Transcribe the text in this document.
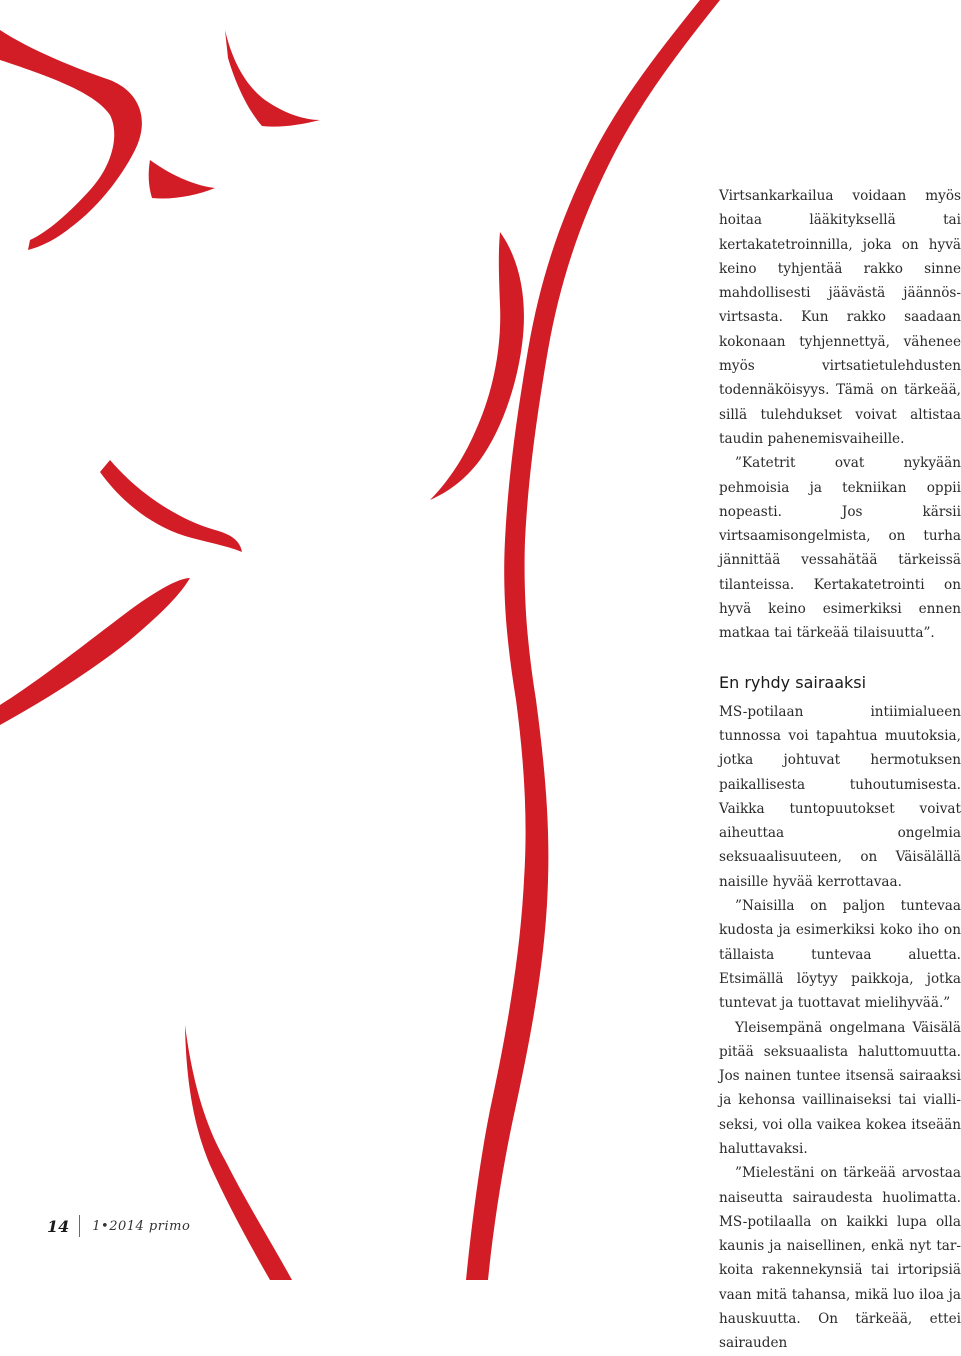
Virtsankarkailua voidaan myös hoitaa lääkityksellä tai kertakatetroinnilla, joka on hyvä keino tyhjentää rakko sinne mahdollisesti jäävästä jäännösvirtsasta. Kun rakko saadaan kokonaan tyhjennettyä, vähenee myös virtsatietulehdusten todennäköisyys. Tämä on tärkeää, sillä tulehdukset voivat altistaa taudin pahenemisvaiheille.

”Katetrit ovat nykyään pehmoisia ja tekniikan oppii nopeasti. Jos kärsii virtsaamisongelmista, on turha jännittää vessahätää tärkeissä tilanteissa. Kertakatetrointi on hyvä keino esimerkiksi ennen matkaa tai tärkeää tilaisuutta”.

En ryhdy sairaaksi

MS-potilaan intiimialueen tunnossa voi tapahtua muutoksia, jotka johtuvat hermotuksen paikallisesta tuhoutumisesta. Vaikka tuntopuutokset voivat aiheuttaa ongelmia seksuaalisuuteen, on Väisälällä naisille hyvää kerrottavaa.

”Naisilla on paljon tuntevaa kudosta ja esimerkiksi koko iho on tällaista tuntevaa aluetta. Etsimällä löytyy paikkoja, jotka tuntevat ja tuottavat mielihyvää.”

Yleisempänä ongelmana Väisälä pitää seksuaalista haluttomuutta. Jos nainen tuntee itsensä sairaaksi ja kehonsa vaillinaiseksi tai vialliseksi, voi olla vaikea kokea itseään haluttavaksi.

”Mielestäni on tärkeää arvostaa naiseutta sairaudesta huolimatta. MS-potilaalla on kaikki lupa olla kaunis ja naisellinen, enkä nyt tarkoita rakennekynsiä tai irtoripsiä vaan mitä tahansa, mikä luo iloa ja hauskuutta. On tärkeää, ettei sairauden

14 1•2014 primo
